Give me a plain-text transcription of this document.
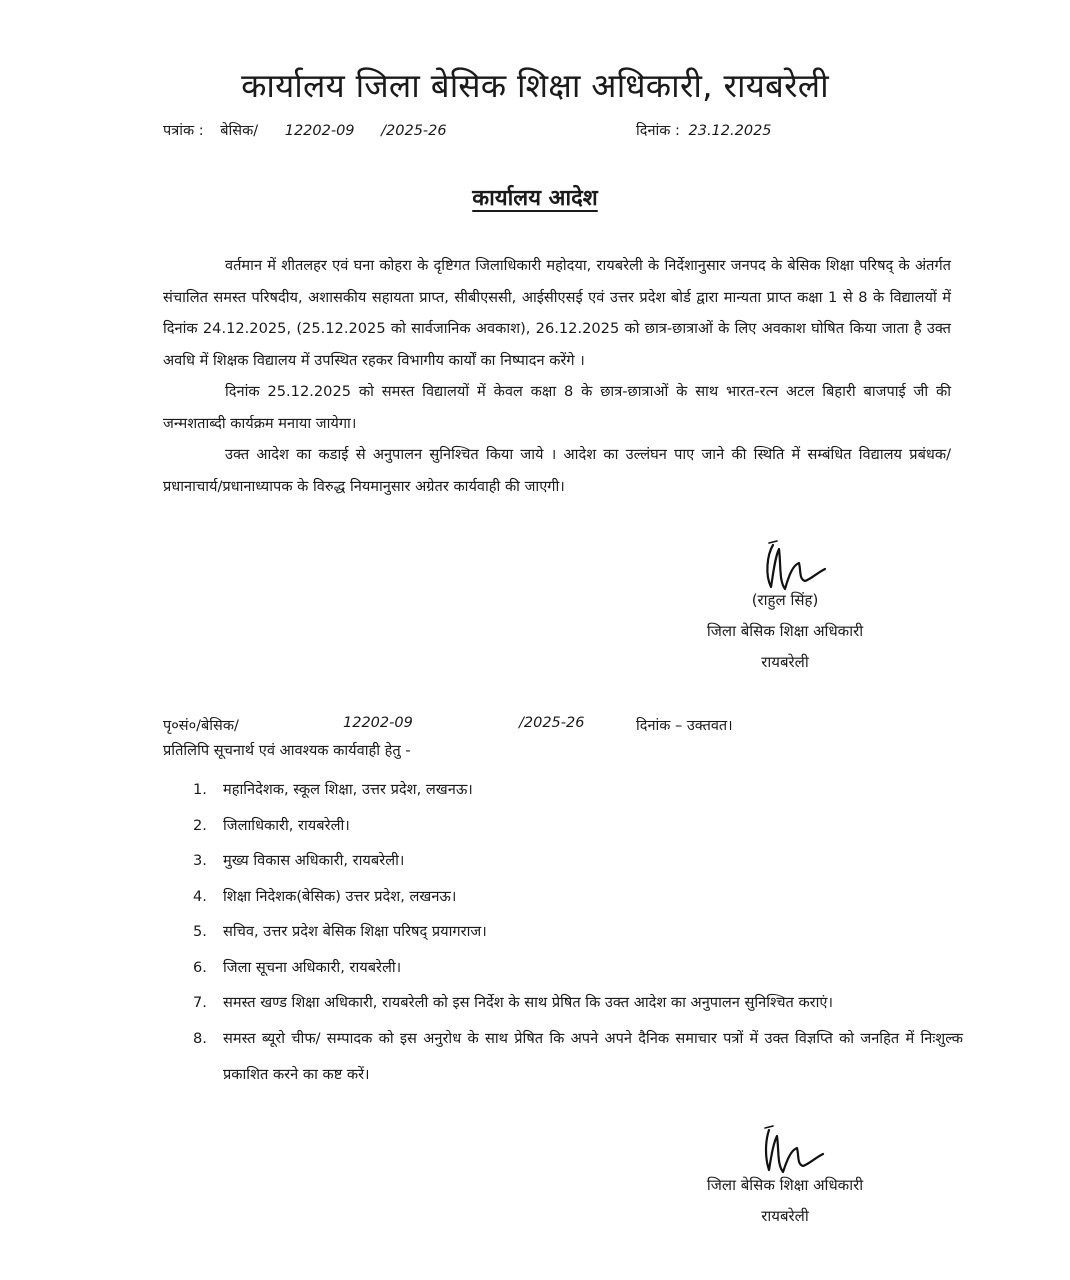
कार्यालय जिला बेसिक शिक्षा अधिकारी, रायबरेली
पत्रांक : बेसिक/ 12202-09 /2025-26	दिनांक : 23.12.2025
कार्यालय आदेश

वर्तमान में शीतलहर एवं घना कोहरा के दृष्टिगत जिलाधिकारी महोदया, रायबरेली के निर्देशानुसार जनपद के बेसिक शिक्षा परिषद् के अंतर्गत संचालित समस्त परिषदीय, अशासकीय सहायता प्राप्त, सीबीएससी, आईसीएसई एवं उत्तर प्रदेश बोर्ड द्वारा मान्यता प्राप्त कक्षा 1 से 8 के विद्यालयों में दिनांक 24.12.2025, (25.12.2025 को सार्वजानिक अवकाश), 26.12.2025 को छात्र-छात्राओं के लिए अवकाश घोषित किया जाता है उक्त अवधि में शिक्षक विद्यालय में उपस्थित रहकर विभागीय कार्यों का निष्पादन करेंगे ।

दिनांक 25.12.2025 को समस्त विद्यालयों में केवल कक्षा 8 के छात्र-छात्राओं के साथ भारत-रत्न अटल बिहारी बाजपाई जी की जन्मशताब्दी कार्यक्रम मनाया जायेगा।

उक्त आदेश का कडाई से अनुपालन सुनिश्चित किया जाये । आदेश का उल्लंघन पाए जाने की स्थिति में सम्बंधित विद्यालय प्रबंधक/प्रधानाचार्य/प्रधानाध्यापक के विरुद्ध नियमानुसार अग्रेतर कार्यवाही की जाएगी।

(राहुल सिंह)
जिला बेसिक शिक्षा अधिकारी
रायबरेली
पृ०सं०/बेसिक/	12202-09	/2025-26	दिनांक – उक्तवत।
प्रतिलिपि सूचनार्थ एवं आवश्यक कार्यवाही हेतु -
1. महानिदेशक, स्कूल शिक्षा, उत्तर प्रदेश, लखनऊ।
2. जिलाधिकारी, रायबरेली।
3. मुख्य विकास अधिकारी, रायबरेली।
4. शिक्षा निदेशक(बेसिक) उत्तर प्रदेश, लखनऊ।
5. सचिव, उत्तर प्रदेश बेसिक शिक्षा परिषद् प्रयागराज।
6. जिला सूचना अधिकारी, रायबरेली।
7. समस्त खण्ड शिक्षा अधिकारी, रायबरेली को इस निर्देश के साथ प्रेषित कि उक्त आदेश का अनुपालन सुनिश्चित कराएं।
8. समस्त ब्यूरो चीफ/ सम्पादक को इस अनुरोध के साथ प्रेषित कि अपने अपने दैनिक समाचार पत्रों में उक्त विज्ञप्ति को जनहित में निःशुल्क प्रकाशित करने का कष्ट करें।
जिला बेसिक शिक्षा अधिकारी
रायबरेली
